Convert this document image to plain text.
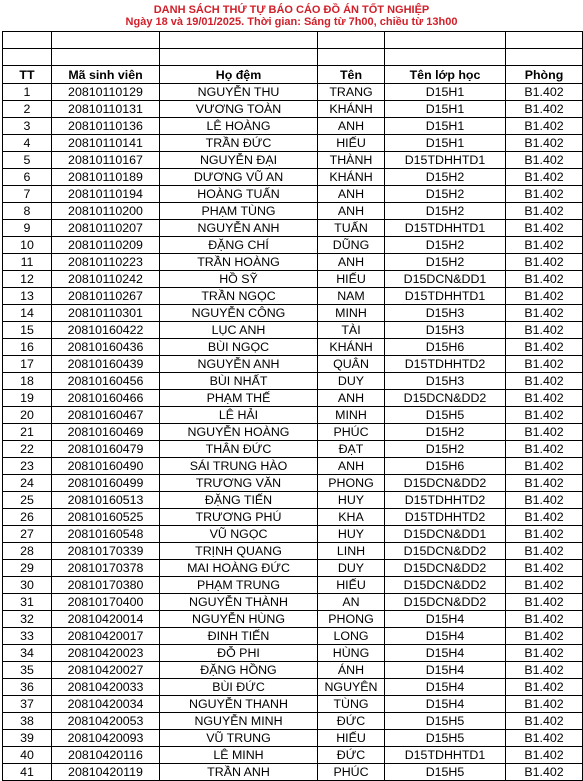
DANH SÁCH THỨ TỰ BÁO CÁO ĐỒ ÁN TỐT NGHIỆP
Ngày 18 và 19/01/2025. Thời gian: Sáng từ 7h00, chiều từ 13h00

TT	Mã sinh viên	Họ đệm	Tên	Tên lớp học	Phòng
1	20810110129	NGUYỄN THU	TRANG	D15H1	B1.402
2	20810110131	VƯƠNG TOÀN	KHÁNH	D15H1	B1.402
3	20810110136	LÊ HOÀNG	ANH	D15H1	B1.402
4	20810110141	TRẦN ĐỨC	HIẾU	D15H1	B1.402
5	20810110167	NGUYỄN ĐẠI	THÀNH	D15TDHHTD1	B1.402
6	20810110189	DƯƠNG VŨ AN	KHÁNH	D15H2	B1.402
7	20810110194	HOÀNG TUẤN	ANH	D15H2	B1.402
8	20810110200	PHẠM TÙNG	ANH	D15H2	B1.402
9	20810110207	NGUYỄN ANH	TUẤN	D15TDHHTD1	B1.402
10	20810110209	ĐẶNG CHÍ	DŨNG	D15H2	B1.402
11	20810110223	TRẦN HOÀNG	ANH	D15H2	B1.402
12	20810110242	HỒ SỸ	HIẾU	D15DCN&DD1	B1.402
13	20810110267	TRẦN NGỌC	NAM	D15TDHHTD1	B1.402
14	20810110301	NGUYỄN CÔNG	MINH	D15H3	B1.402
15	20810160422	LỤC ANH	TÀI	D15H3	B1.402
16	20810160436	BÙI NGỌC	KHÁNH	D15H6	B1.402
17	20810160439	NGUYỄN ANH	QUÂN	D15TDHHTD2	B1.402
18	20810160456	BÙI NHẤT	DUY	D15H3	B1.402
19	20810160466	PHẠM THẾ	ANH	D15DCN&DD2	B1.402
20	20810160467	LÊ HẢI	MINH	D15H5	B1.402
21	20810160469	NGUYỄN HOÀNG	PHÚC	D15H2	B1.402
22	20810160479	THÂN ĐỨC	ĐẠT	D15H2	B1.402
23	20810160490	SÁI TRUNG HÀO	ANH	D15H6	B1.402
24	20810160499	TRƯƠNG VĂN	PHONG	D15DCN&DD2	B1.402
25	20810160513	ĐẶNG TIẾN	HUY	D15TDHHTD2	B1.402
26	20810160525	TRƯƠNG PHÚ	KHA	D15TDHHTD2	B1.402
27	20810160548	VŨ NGỌC	HUY	D15DCN&DD1	B1.402
28	20810170339	TRỊNH QUANG	LINH	D15DCN&DD2	B1.402
29	20810170378	MAI HOÀNG ĐỨC	DUY	D15DCN&DD2	B1.402
30	20810170380	PHẠM TRUNG	HIẾU	D15DCN&DD2	B1.402
31	20810170400	NGUYỄN THÀNH	AN	D15DCN&DD2	B1.402
32	20810420014	NGUYỄN HÙNG	PHONG	D15H4	B1.402
33	20810420017	ĐINH TIẾN	LONG	D15H4	B1.402
34	20810420023	ĐỖ PHI	HÙNG	D15H4	B1.402
35	20810420027	ĐẶNG HỒNG	ÁNH	D15H4	B1.402
36	20810420033	BÙI ĐỨC	NGUYÊN	D15H4	B1.402
37	20810420034	NGUYỄN THANH	TÙNG	D15H4	B1.402
38	20810420053	NGUYỄN MINH	ĐỨC	D15H5	B1.402
39	20810420093	VŨ TRUNG	HIẾU	D15H5	B1.402
40	20810420116	LÊ MINH	ĐỨC	D15TDHHTD1	B1.402
41	20810420119	TRẦN ANH	PHÚC	D15H5	B1.402
